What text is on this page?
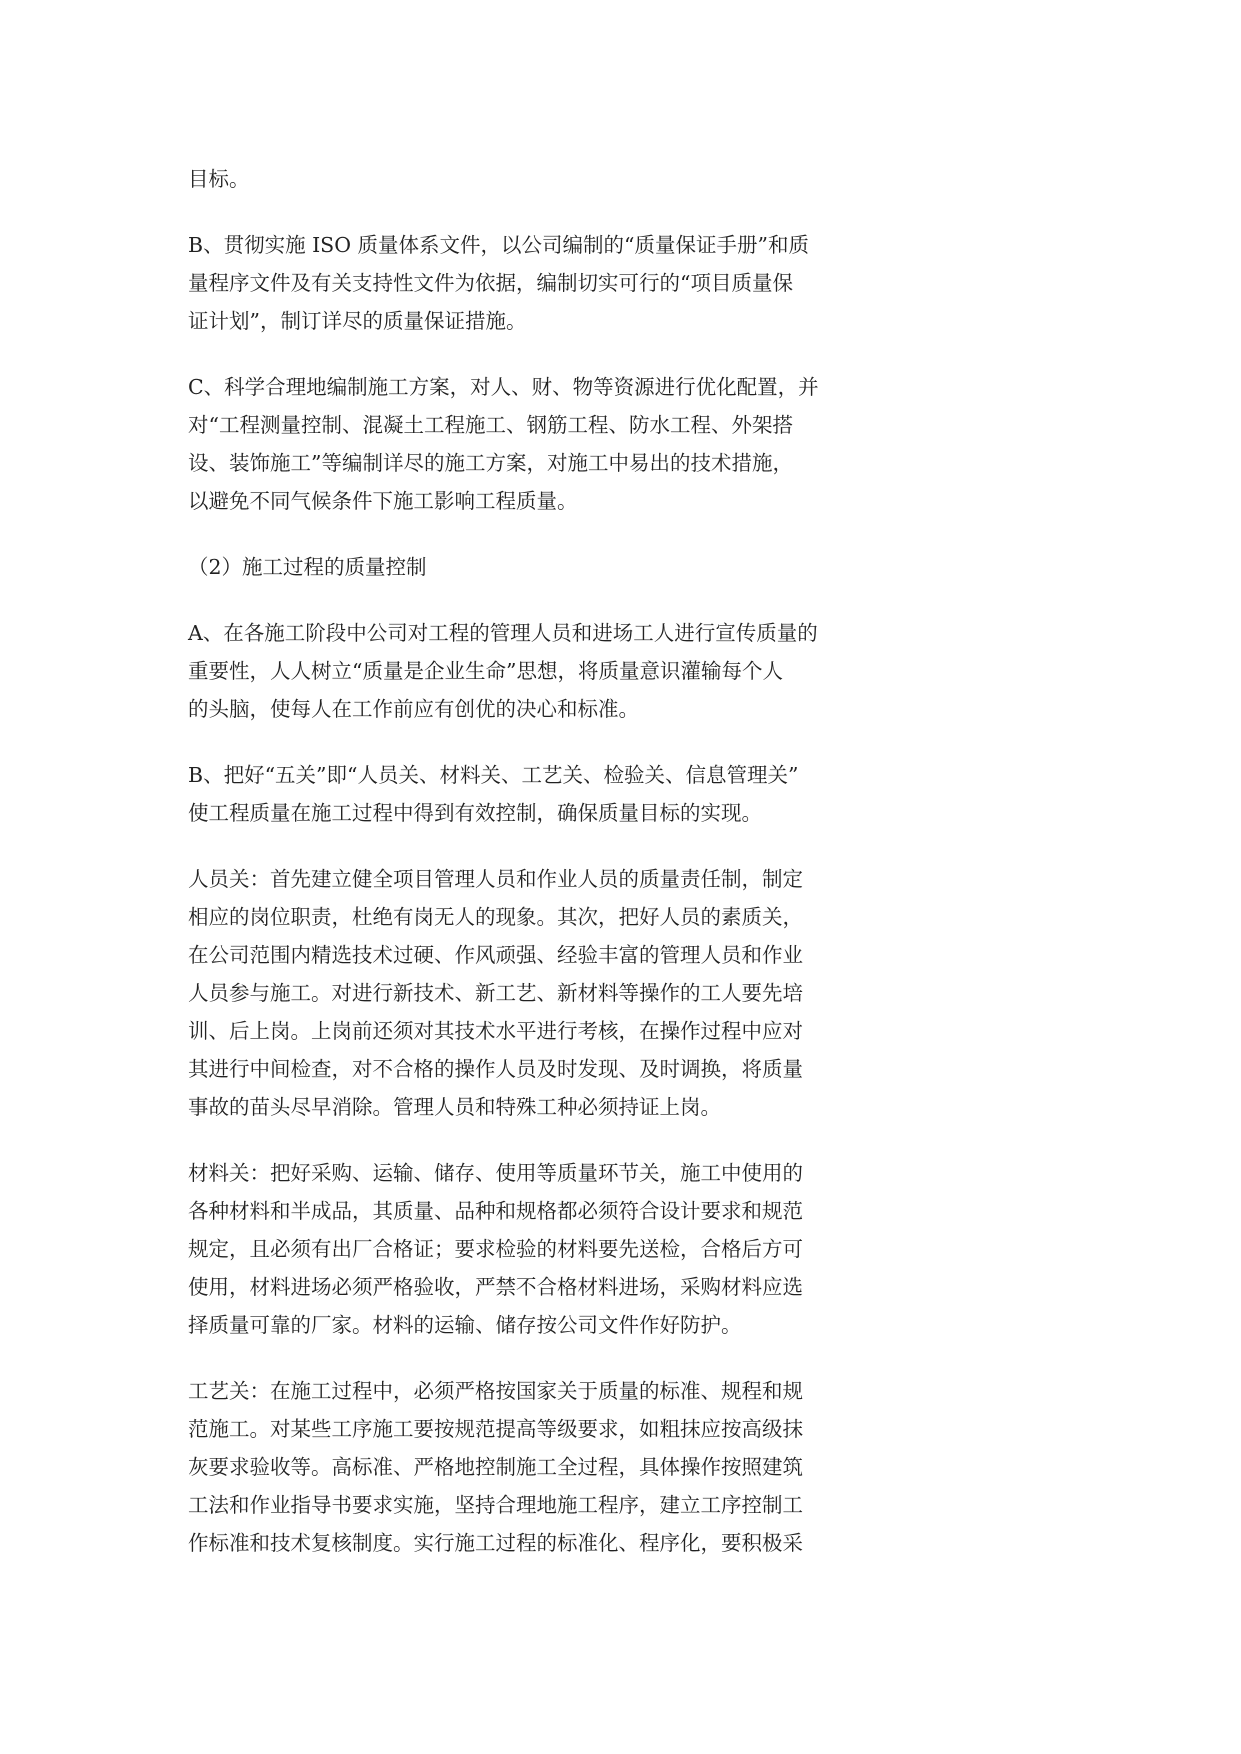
目标。
B、贯彻实施 ISO 质量体系文件，以公司编制的“质量保证手册”和质
量程序文件及有关支持性文件为依据，编制切实可行的“项目质量保
证计划”，制订详尽的质量保证措施。
C、科学合理地编制施工方案，对人、财、物等资源进行优化配置，并
对“工程测量控制、混凝土工程施工、钢筋工程、防水工程、外架搭
设、装饰施工”等编制详尽的施工方案，对施工中易出的技术措施，
以避免不同气候条件下施工影响工程质量。
（2）施工过程的质量控制
A、在各施工阶段中公司对工程的管理人员和进场工人进行宣传质量的
重要性，人人树立“质量是企业生命”思想，将质量意识灌输每个人
的头脑，使每人在工作前应有创优的决心和标准。
B、把好“五关”即“人员关、材料关、工艺关、检验关、信息管理关”
使工程质量在施工过程中得到有效控制，确保质量目标的实现。
人员关：首先建立健全项目管理人员和作业人员的质量责任制，制定
相应的岗位职责，杜绝有岗无人的现象。其次，把好人员的素质关，
在公司范围内精选技术过硬、作风顽强、经验丰富的管理人员和作业
人员参与施工。对进行新技术、新工艺、新材料等操作的工人要先培
训、后上岗。上岗前还须对其技术水平进行考核，在操作过程中应对
其进行中间检查，对不合格的操作人员及时发现、及时调换，将质量
事故的苗头尽早消除。管理人员和特殊工种必须持证上岗。
材料关：把好采购、运输、储存、使用等质量环节关，施工中使用的
各种材料和半成品，其质量、品种和规格都必须符合设计要求和规范
规定，且必须有出厂合格证；要求检验的材料要先送检，合格后方可
使用，材料进场必须严格验收，严禁不合格材料进场，采购材料应选
择质量可靠的厂家。材料的运输、储存按公司文件作好防护。
工艺关：在施工过程中，必须严格按国家关于质量的标准、规程和规
范施工。对某些工序施工要按规范提高等级要求，如粗抹应按高级抹
灰要求验收等。高标准、严格地控制施工全过程，具体操作按照建筑
工法和作业指导书要求实施，坚持合理地施工程序，建立工序控制工
作标准和技术复核制度。实行施工过程的标准化、程序化，要积极采
